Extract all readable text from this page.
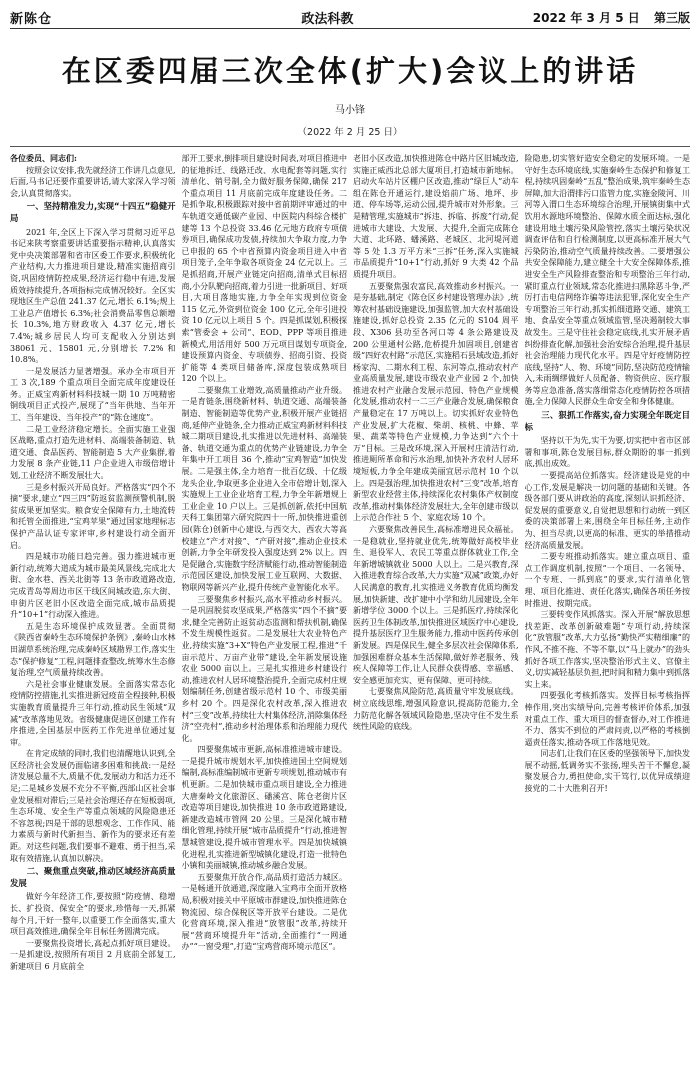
新陈仓	政法科教	2022 年 3 月 5 日 第三版
在区委四届三次全体(扩大)会议上的讲话
马小锋
（2022 年 2 月 25 日）

各位委员、同志们:

按照会议安排,我先就经济工作讲几点意见,后面,马书记还要作重要讲话,请大家深入学习领会,认真贯彻落实。

一、坚持精准发力,实现“十四五”稳健开局

2021 年,全区上下深入学习贯彻习近平总书记来陕考察重要讲话重要指示精神,认真落实党中央决策部署和省市区委工作要求,积极统化产业结构,大力推进项目建设,精准实施招商引资,巩固疫情防控成果,经济运行稳中有进,发展质效持续提升,各项指标完成情况较好。全区实现地区生产总值 241.37 亿元,增长 6.1%;规上工业总产值增长 6.3%;社会消费品零售总额增长 10.3%,地方财政收入 4.37 亿元,增长 7.4%;城乡居民人均可支配收入分别达到 38061 元、15801 元,分别增长 7.2% 和 10.8%。

一是发展活力显著增强。承办全市项目开工 3 次,189 个重点项目全面完成年度建设任务。正威宝鸡新材料科技城一期 10 万吨精密铜线项目正式投产,展现了“当年供地、当年开工、当年建设、当年投产”的“陈仓速度”。

二是工业经济稳定增长。全面实施工业强区战略,重点打造先进材料、高端装备制造、轨道交通、食品医药、智能制造 5 大产业集群,着力发展 8 条产业链,11 户企业进入市级倍增计划,工业经济不断发展壮大。

三是乡村振兴开局良好。严格落实“四个不摘”要求,建立“四三四”防返贫监测预警机制,脱贫成果更加坚实。粮食安全保障有力,土地流转和托管全面推进,“宝鸡苹果”通过国家地理标志保护产品认证专家评审,乡村建设行动全面开启。

四是城市功能日趋完善。强力推进城市更新行动,统筹大道成为城市最美风景线,完成北大街、金水巷、西关北街等 13 条市政道路改造,完成青岛等周边市区干线区间城改造,东大街、申街片区老旧小区改造全面完成,城市品质提升“10+1”行动深入推进。

五是生态环境保护成效显著。全面贯彻《陕西省秦岭生态环境保护条例》,秦岭山水林田湖草系统治理,完成秦岭区域勘界工作,落实生态“保护修复”工程,问题排查整改,统筹水生态修复治理,空气质量持续改善。

六是社会事业健康发展。全面落实常态化疫情防控措施,扎实推进新冠疫苗全程接种,积极实施教育质量提升三年行动,推动民生领域“双减”改革落地见效。省级健康促进区创建工作有序推进,全国基层中医药工作先进单位通过复审。

在肯定成绩的同时,我们也清醒地认识到,全区经济社会发展仍面临诸多困难和挑战:一是经济发展总量不大,质量不优,发展动力和活力还不足;二是城乡发展不充分不平衡,西部山区社会事业发展相对滞后;三是社会治理还存在短板弱项,生态环境、安全生产等重点领域的风险隐患还不容忽视;四是干部的思想观念、工作作风、能力素质与新时代新担当、新作为的要求还有差距。对这些问题,我们要事不避难、勇于担当,采取有效措施,认真加以解决。

二、聚焦重点突破,推动区域经济高质量发展

做好今年经济工作,要按照“防疫情、稳增长、扩投资、保安全”的要求,珍惜每一天,抓紧每个月,干好一整年,以重要工作全面落实,重大项目高效推进,确保全年目标任务圆满完成。

一要聚焦投资增长,高起点抓好项目建设。一是抓建设,按照所有项目 2 月底前全部复工,新建项目 6 月底前全

部开工要求,倒排项目建设时间表,对项目推进中的征地拆迁、线路迁改、水电配套等问题,实行清单化、销号制,全力做好服务保障,确保 217 个重点项目 11 月底前完成年度建设任务。二是抓争取,积极跟踪对接中省前期评审通过的中车轨道交通低碳产业园、中医院内科综合楼扩建等 13 个总投资 33.46 亿元地方政府专项债券项目,确保成功发债,持续加大争取力度,力争已申报的 65 个中省预算内资金项目进入中省项目笼子,全年争取各项资金 24 亿元以上。三是抓招商,开展产业链定向招商,清单式目标招商,小分队靶向招商,着力引进一批新项目、好项目,大项目落地实施,力争全年实现到位资金 115 亿元,外资到位资金 100 亿元,全年引进投资 10 亿元以上项目 5 个。四是抓谋划,积极探索“管委会 + 公司”、EOD、PPP 等项目推进新模式,用活用好 500 万元项目谋划专项资金,建设预算内资金、专项债券、招商引资、投资扩能等 4 类项目储备库,深度包装成熟项目 120 个以上。

二要聚焦工业增效,高质量推动产业升级。一是育链条,围绕新材料、轨道交通、高端装备制造、智能制造等优势产业,积极开展产业链招商,延伸产业链条,全力推动正威宝鸡新材料科技城二期项目建设,扎实推进以先进材料、高端装备、轨道交通为重点的优势产业链建设,力争全年集中开工项目 36 个,推动“宝鸡智造”加快发展。二是强主体,全力培育一批百亿级、十亿级龙头企业,争取更多企业进入全市倍增计划,深入实施规上工业企业培育工程,力争全年新增规上工业企业 10 户以上。三是抓创新,依托中国航天科工集团第六研究院四十一所,加快推进重创园(陈仓)创新中心建设,与西交大、西农大等高校建立“产才对接”、“产研对接”,推动企业技术创新,力争全年研发投入强度达到 2% 以上。四是促融合,实施数字经济赋能行动,推动智能制造示范园区建设,加快发展工业互联网、大数据、物联网等新兴产业,提升传统产业智能化水平。

三要聚焦乡村振兴,高水平推动乡村振兴。一是巩固脱贫攻坚成果,严格落实“四个不摘”要求,健全完善防止返贫动态监测和帮扶机制,确保不发生规模性返贫。二是发展壮大农业特色产业,持续实施“3+X”特色产业发展工程,推进“千亩示范片、万亩产业带”建设,全年新发展设施农业 5000 亩以上。三是扎实推进乡村建设行动,推进农村人居环境整治提升,全面完成村庄规划编制任务,创建省级示范村 10 个、市级美丽乡村 20 个。四是深化农村改革,深入推进农村“三变”改革,持续壮大村集体经济,消除集体经济“空壳村”,推动乡村治理体系和治理能力现代化。

四要聚焦城市更新,高标准推进城市建设。一是提升城市规划水平,加快推进国土空间规划编制,高标准编制城市更新专项规划,推动城市有机更新。二是加快城市重点项目建设,全力推进大唐秦岭文化旅游区、磻溪宫、陈仓老街片区改造等项目建设,加快推进 10 条市政道路建设,新建改造城市管网 20 公里。三是深化城市精细化管理,持续开展“城市品质提升”行动,推进智慧城管建设,提升城市管理水平。四是加快城镇化进程,扎实推进新型城镇化建设,打造一批特色小镇和美丽城镇,推动城乡融合发展。

五要聚焦开放合作,高品质打造活力城区。一是畅通开放通道,深度融入宝鸡市全面开放格局,积极对接关中平原城市群建设,加快推进陈仓物流园、综合保税区等开放平台建设。二是优化营商环境,深入推进“放管服”改革,持续开展“营商环境提升年”活动,全面推行“一网通办”“一窗受理”,打造“宝鸡营商环境示范区”。

老旧小区改造,加快推进陈仓中路片区旧城改造,实施正威西北总部大厦项目,打造城市新地标。启动火车站片区棚户区改造,推动“绿巨人”动车组在陈仓开通运行,建设焰前广场、地坪、步道、停车场等,运动公园,提升城市对外形象。三是精管理,实施城市“拆违、拆临、拆废”行动,促进城市大建设、大发展、大提升,全面完成陈仓大道、北环路、蟠溪路、老城区、北河堤河道等 5 处 1.3 万平方米“三拆”任务,深入实施城市品质提升“10+1”行动,抓好 9 大类 42 个品质提升项目。

五要聚焦强农富民,高效推动乡村振兴。一是夯基础,制定《陈仓区乡村建设管理办法》,统筹农村基础设施建设,加强监管,加大农村基础设施建设,抓好总投资 2.35 亿元的 S104 周平段、X306 县功至各河口等 4 条公路建设及 200 公里通村公路,危桥提升加固项目,创建省级“四好农村路”示范区,实施稻石县域改造,抓好杨家沟、二期水利工程、东河等点,推动农村产业高质量发展,建设市级农业产业园 2 个,加快推进农村产业融合发展示范园、特色产业规模化发展,推动农村一二三产业融合发展,确保粮食产量稳定在 17 万吨以上。切实抓好农业特色产业发展,扩大花椒、柴胡、核桃、中蜂、苹果、蔬菜等特色产业规模,力争达到“六个十万”目标。三是改环境,深入开展村庄清洁行动,推进厕所革命和污水治理,加快补齐农村人居环境短板,力争全年建成美丽宜居示范村 10 个以上。四是强治理,加快推进农村“三变”改革,培育新型农业经营主体,持续深化农村集体产权制度改革,推动村集体经济发展壮大,全年创建市级以上示范合作社 5 个、家庭农场 10 个。

六要聚焦改善民生,高标准增进民众福祉。一是稳就业,坚持就业优先,统筹做好高校毕业生、退役军人、农民工等重点群体就业工作,全年新增城镇就业 5000 人以上。二是兴教育,深入推进教育综合改革,大力实施“双减”政策,办好人民满意的教育,扎实推进义务教育优质均衡发展,加快新建、改扩建中小学和幼儿园建设,全年新增学位 3000 个以上。三是抓医疗,持续深化医药卫生体制改革,加快推进区域医疗中心建设,提升基层医疗卫生服务能力,推动中医药传承创新发展。四是保民生,健全多层次社会保障体系,加强困难群众基本生活保障,做好养老服务、残疾人保障等工作,让人民群众获得感、幸福感、安全感更加充实、更有保障、更可持续。

七要聚焦风险防范,高质量守牢发展底线。树立底线思维,增强风险意识,提高防范能力,全力防范化解各领域风险隐患,坚决守住不发生系统性风险的底线。

险隐患,切实管好造安全稳定的发展环境。一是守好生态环境底线,实施秦岭生态保护和修复工程,持续巩固秦岭“五乱”整治成果,筑牢秦岭生态屏障,加大沿渭排污口监管力度,实施金陵河、川河等入渭口生态环境综合治理,开展镇街集中式饮用水源地环境整治、保障水质全面达标,强化建设用地土壤污染风险管控,落实土壤污染状况调查评估和自行检测制度,以更高标准开展大气污染防治,推动空气质量持续改善。二要增强公共安全保障能力,建立健全十大安全保障体系,推进安全生产风险排查整治和专项整治三年行动,紧盯重点行业领域,常态化推进扫黑除恶斗争,严厉打击电信网络诈骗等违法犯罪,深化安全生产专项整治三年行动,抓实抓细道路交通、建筑工地、食品安全等重点领域监管,坚决遏制较大事故发生。三是守住社会稳定底线,扎实开展矛盾纠纷排查化解,加强社会治安综合治理,提升基层社会治理能力现代化水平。四是守好疫情防控底线,坚持“人、物、环境”同防,坚决防范疫情输入,未雨绸缪做好人员配备、物资供应、医疗服务等应急准备,落实落细常态化疫情防控各项措施,全力保障人民群众生命安全和身体健康。

三、狠抓工作落实,奋力实现全年既定目标

坚持以干为先,实干为要,切实把中省市区部署和事项,陈仓发展目标,群众期盼的事一抓到底,抓出成效。

一要提高站位抓落实。经济建设是党的中心工作,发展是解决一切问题的基础和关键。各级各部门要从讲政治的高度,深刻认识抓经济、促发展的重要意义,自觉把思想和行动统一到区委的决策部署上来,围绕全年目标任务,主动作为、担当尽责,以更高的标准、更实的举措推动经济高质量发展。

二要专班推动抓落实。建立重点项目、重点工作调度机制,按照“一个项目、一名领导、一个专班、一抓到底”的要求,实行清单化管理、项目化推进、责任化落实,确保各项任务按时推进、按期完成。

三要转变作风抓落实。深入开展“解放思想找差距、改革创新破难题”专项行动,持续深化“放管服”改革,大力弘扬“勤快严实精细廉”的作风,不推不拖、不等不靠,以“马上就办”的劲头抓好各项工作落实,坚决整治形式主义、官僚主义,切实减轻基层负担,把时间和精力集中到抓落实上来。

四要强化考核抓落实。发挥目标考核指挥棒作用,突出实绩导向,完善考核评价体系,加强对重点工作、重大项目的督查督办,对工作推进不力、落实不到位的严肃问责,以严格的考核倒逼责任落实,推动各项工作落地见效。

同志们,让我们在区委的坚强领导下,加快发展不动摇,低调务实不张扬,埋头苦干不懈怠,凝聚发展合力,勇担使命,实干笃行,以优异成绩迎接党的二十大胜利召开!
